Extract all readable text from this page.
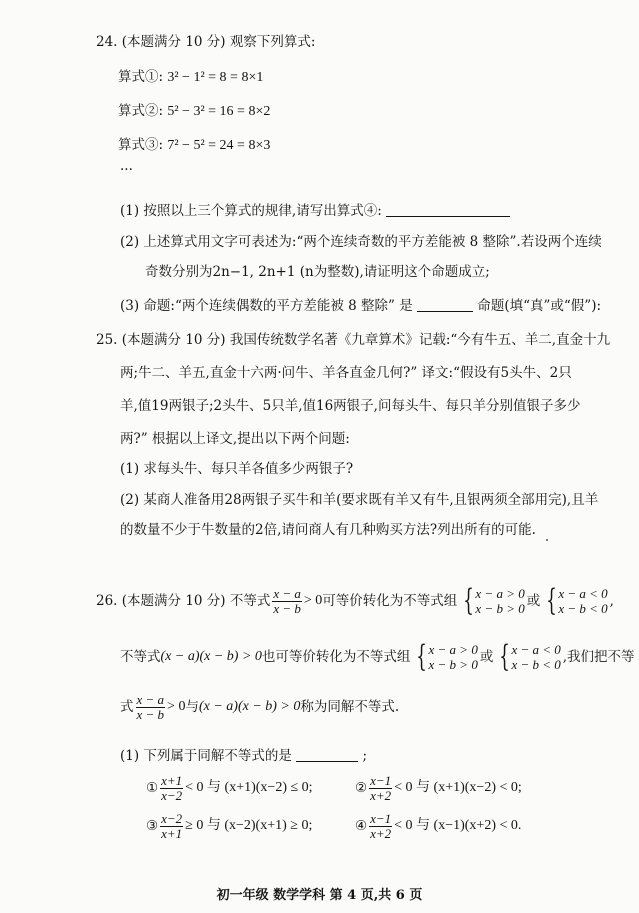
24. (本题满分 10 分) 观察下列算式:
算式①: 3² − 1² = 8 = 8×1
算式②: 5² − 3² = 16 = 8×2
算式③: 7² − 5² = 24 = 8×3
···
(1) 按照以上三个算式的规律,请写出算式④:
(2) 上述算式用文字可表述为:“两个连续奇数的平方差能被 8 整除”.若设两个连续
奇数分别为2n−1, 2n+1 (n为整数),请证明这个命题成立;
(3) 命题:“两个连续偶数的平方差能被 8 整除” 是	命题(填“真”或“假”):
25. (本题满分 10 分) 我国传统数学名著《九章算术》记载:“今有牛五、羊二,直金十九
两;牛二、羊五,直金十六两·问牛、羊各直金几何?” 译文:“假设有5头牛、2只
羊,值19两银子;2头牛、5只羊,值16两银子,问每头牛、每只羊分别值银子多少
两?” 根据以上译文,提出以下两个问题:
(1) 求每头牛、每只羊各值多少两银子?
(2) 某商人准备用28两银子买牛和羊(要求既有羊又有牛,且银两须全部用完),且羊
的数量不少于牛数量的2倍,请问商人有几种购买方法?列出所有的可能.
26. (本题满分 10 分) 不等式 $\frac{x - a}{x - b} > 0$ 可等价转化为不等式组 { x − a > 0
x − b > 0 或 { x − a < 0
x − b < 0 ,
不等式 (x − a)(x − b) > 0 也可等价转化为不等式组 { x − a > 0
x − b > 0 或 { x − a < 0
x − b < 0 ,我们把不等
式 $\frac{x - a}{x - b} > 0$ 与 (x − a)(x − b) > 0 称为同解不等式.
(1) 下列属于同解不等式的是	;
① $\frac{x+1}{x-2} < 0$ 与 (x+1)(x−2) ≤ 0;	② $\frac{x-1}{x+2} < 0$ 与 (x+1)(x−2) < 0;
③ $\frac{x-2}{x+1} \ge 0$ 与 (x−2)(x+1) ≥ 0;	④ $\frac{x-1}{x+2} < 0$ 与 (x−1)(x+2) < 0.
初一年级 数学学科 第 4 页,共 6 页
